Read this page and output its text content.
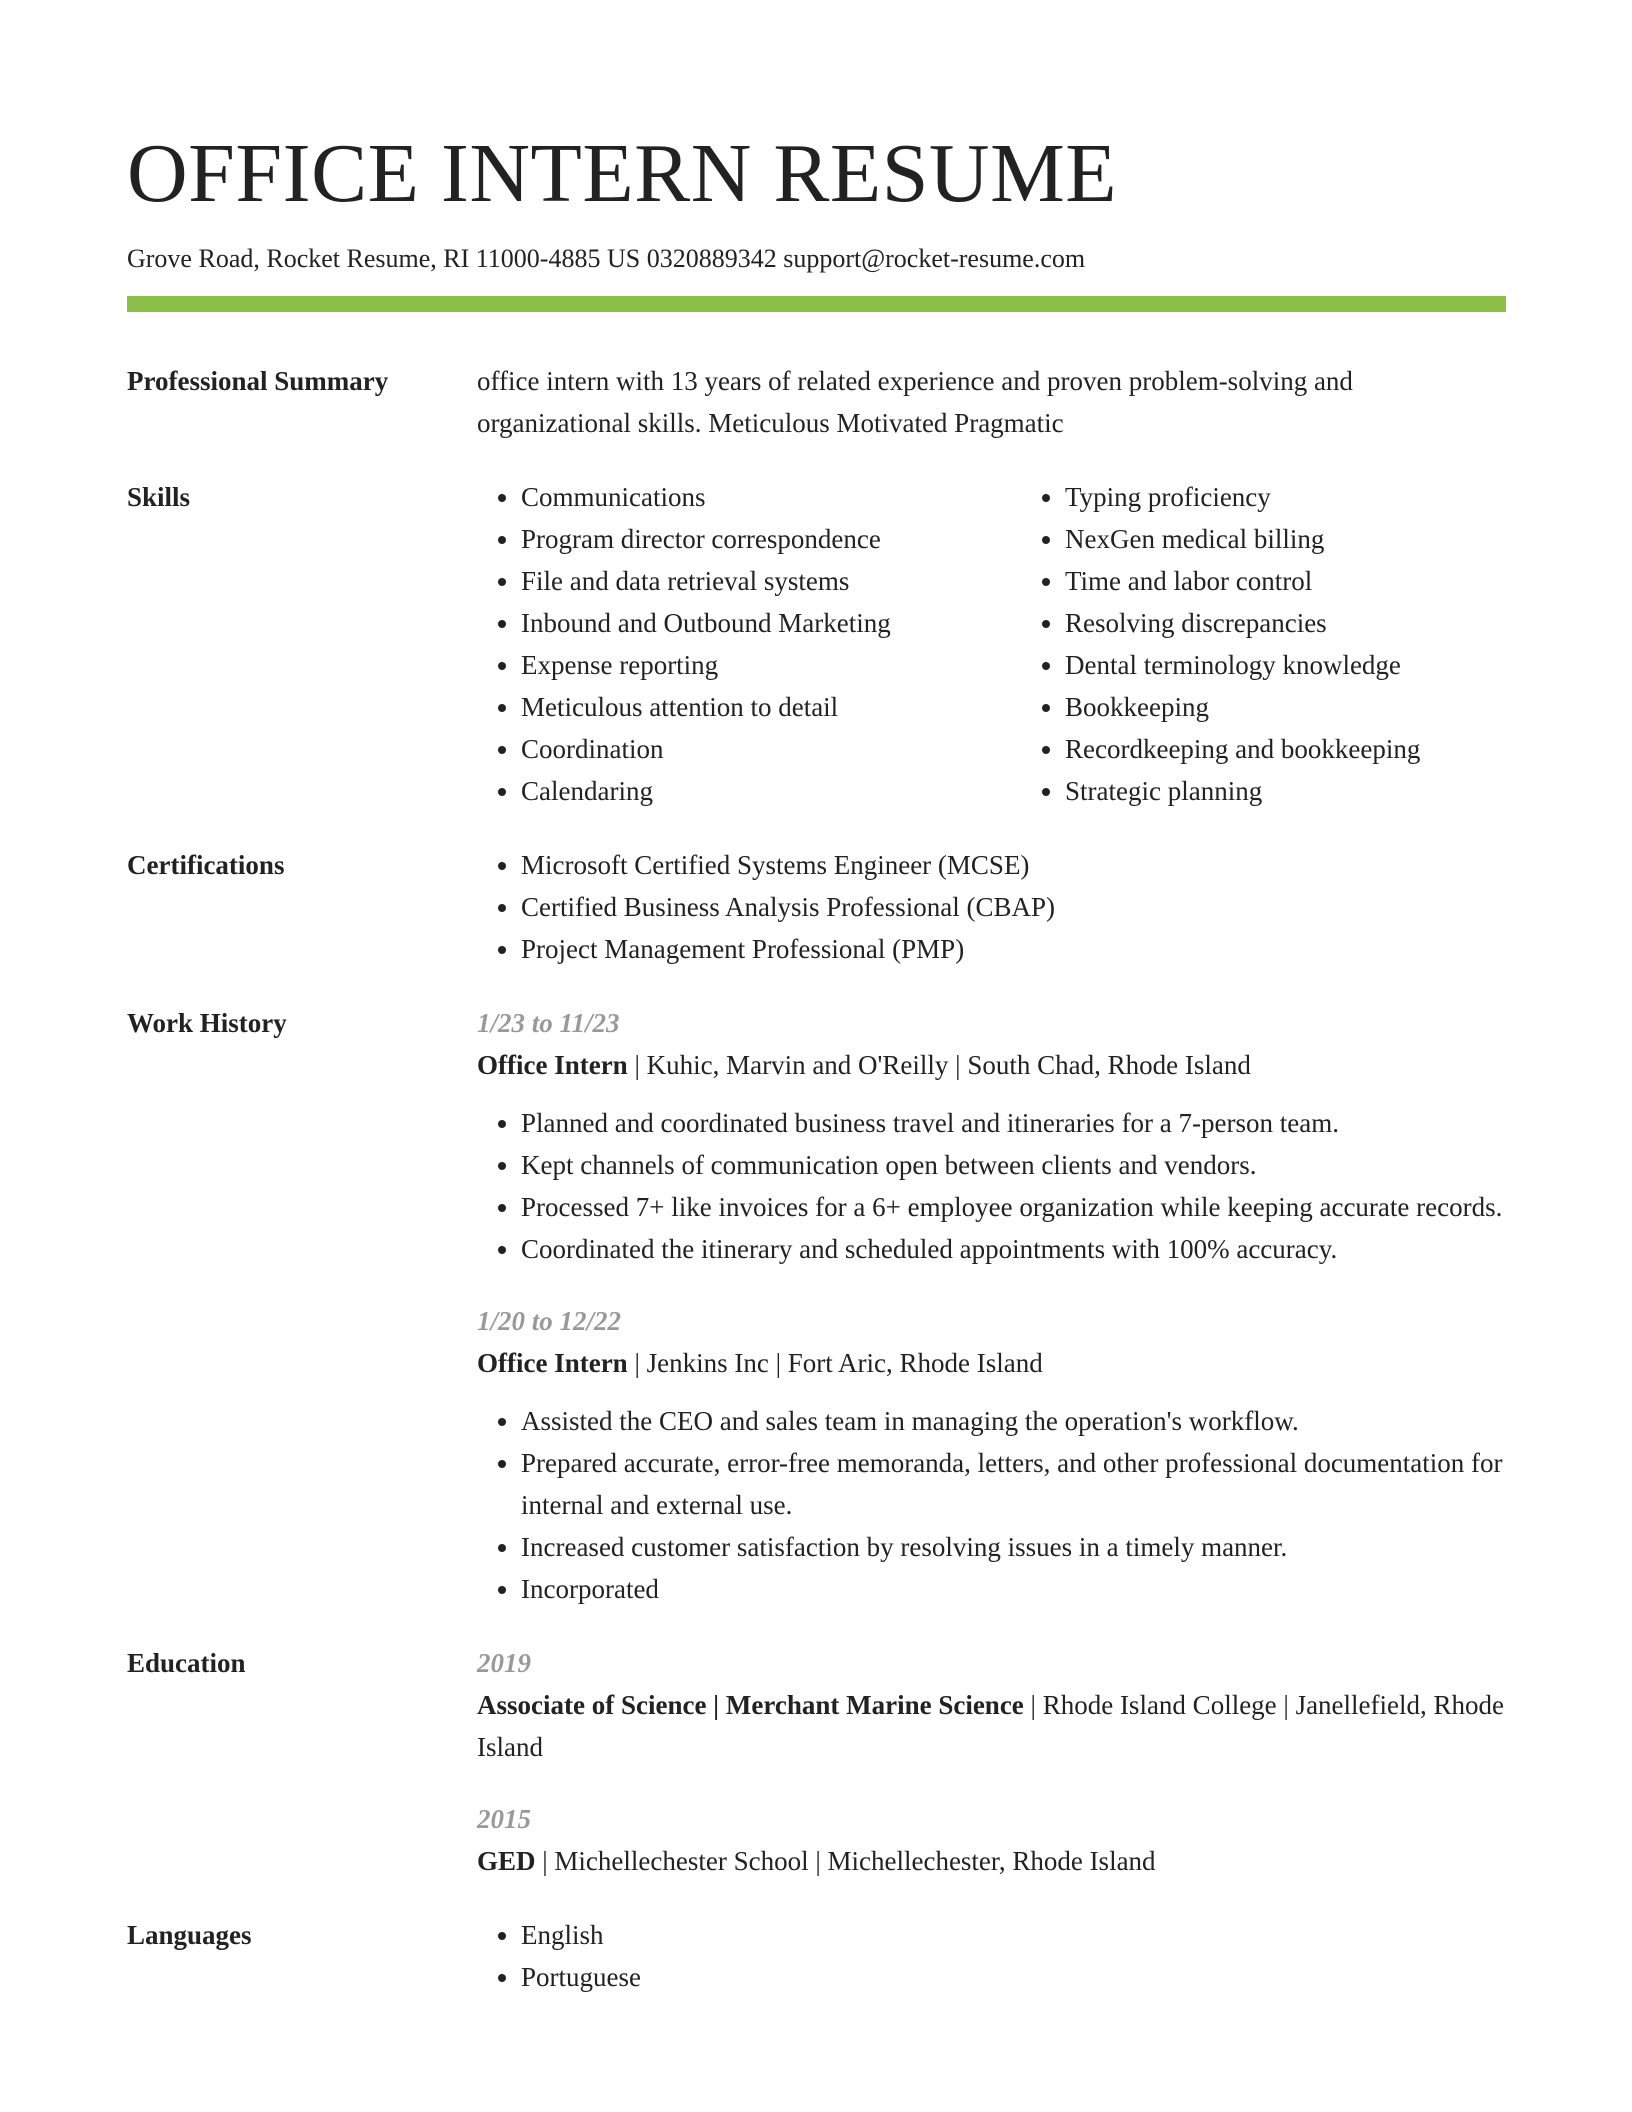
OFFICE INTERN RESUME
Grove Road, Rocket Resume, RI 11000-4885 US 0320889342 support@rocket-resume.com
Professional Summary	office intern with 13 years of related experience and proven problem-solving and organizational skills. Meticulous Motivated Pragmatic
Skills	• Communications
• Program director correspondence
• File and data retrieval systems
• Inbound and Outbound Marketing
• Expense reporting
• Meticulous attention to detail
• Coordination
• Calendaring
• Typing proficiency
• NexGen medical billing
• Time and labor control
• Resolving discrepancies
• Dental terminology knowledge
• Bookkeeping
• Recordkeeping and bookkeeping
• Strategic planning
Certifications	• Microsoft Certified Systems Engineer (MCSE)
• Certified Business Analysis Professional (CBAP)
• Project Management Professional (PMP)
Work History	1/23 to 11/23
Office Intern | Kuhic, Marvin and O'Reilly | South Chad, Rhode Island
• Planned and coordinated business travel and itineraries for a 7-person team.
• Kept channels of communication open between clients and vendors.
• Processed 7+ like invoices for a 6+ employee organization while keeping accurate records.
• Coordinated the itinerary and scheduled appointments with 100% accuracy.
1/20 to 12/22
Office Intern | Jenkins Inc | Fort Aric, Rhode Island
• Assisted the CEO and sales team in managing the operation's workflow.
• Prepared accurate, error-free memoranda, letters, and other professional documentation for internal and external use.
• Increased customer satisfaction by resolving issues in a timely manner.
• Incorporated
Education	2019
Associate of Science | Merchant Marine Science | Rhode Island College | Janellefield, Rhode Island
2015
GED | Michellechester School | Michellechester, Rhode Island
Languages	• English
• Portuguese
